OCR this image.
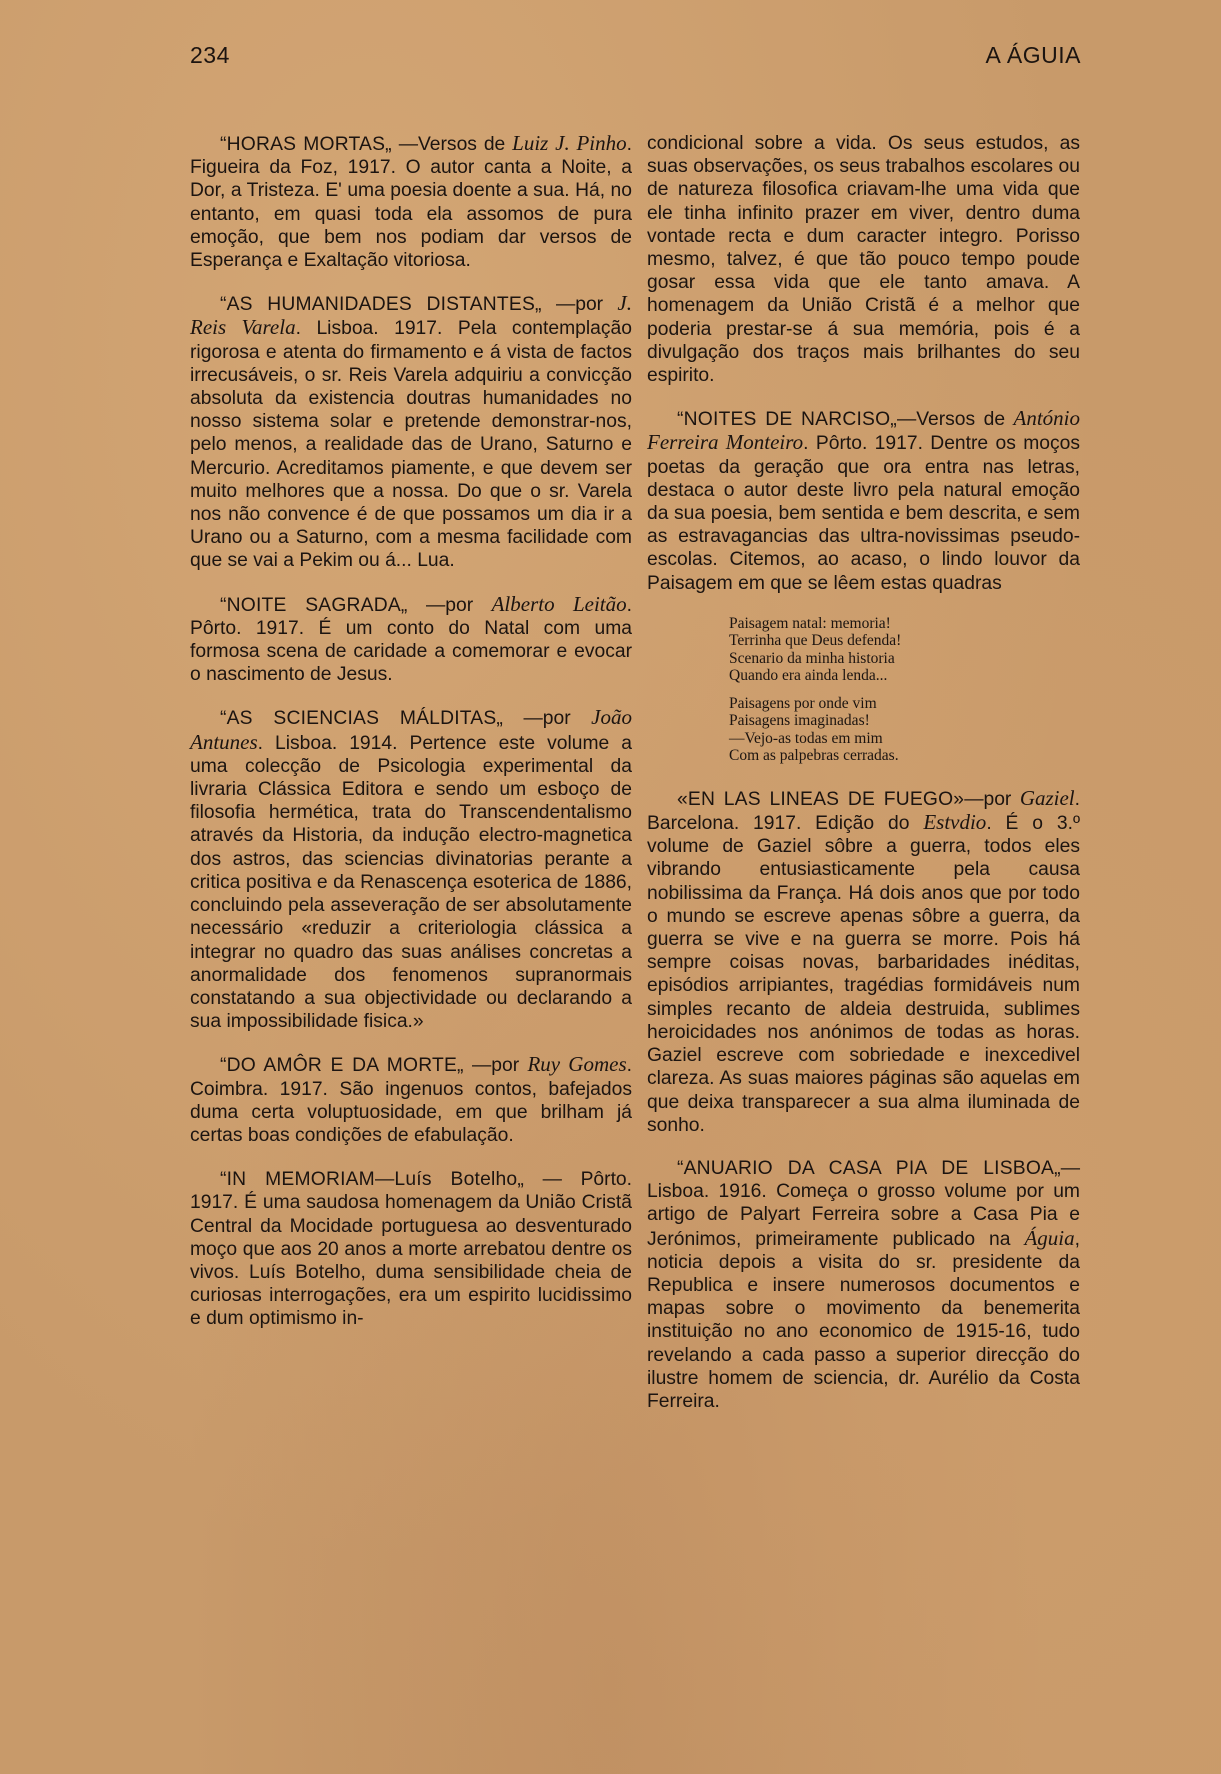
234	A ÁGUIA

“HORAS MORTAS„ —Versos de Luiz J. Pinho. Figueira da Foz, 1917. O autor canta a Noite, a Dor, a Tristeza. E' uma poesia doente a sua. Há, no entanto, em quasi toda ela assomos de pura emoção, que bem nos podiam dar versos de Esperança e Exaltação vitoriosa.

“AS HUMANIDADES DISTANTES„ —por J. Reis Varela. Lisboa. 1917. Pela contemplação rigorosa e atenta do firmamento e á vista de factos irrecusáveis, o sr. Reis Varela adquiriu a convicção absoluta da existencia doutras humanidades no nosso sistema solar e pretende demonstrar-nos, pelo menos, a realidade das de Urano, Saturno e Mercurio. Acreditamos piamente, e que devem ser muito melhores que a nossa. Do que o sr. Varela nos não convence é de que possamos um dia ir a Urano ou a Saturno, com a mesma facilidade com que se vai a Pekim ou á... Lua.

“NOITE SAGRADA„ —por Alberto Leitão. Pôrto. 1917. É um conto do Natal com uma formosa scena de caridade a comemorar e evocar o nascimento de Jesus.

“AS SCIENCIAS MÁLDITAS„ —por João Antunes. Lisboa. 1914. Pertence este volume a uma colecção de Psicologia experimental da livraria Clássica Editora e sendo um esboço de filosofia hermética, trata do Transcendentalismo através da Historia, da indução electro-magnetica dos astros, das sciencias divinatorias perante a critica positiva e da Renascença esoterica de 1886, concluindo pela asseveração de ser absolutamente necessário «reduzir a criteriologia clássica a integrar no quadro das suas análises concretas a anormalidade dos fenomenos supranormais constatando a sua objectividade ou declarando a sua impossibilidade fisica.»

“DO AMÔR E DA MORTE„ —por Ruy Gomes. Coimbra. 1917. São ingenuos contos, bafejados duma certa voluptuosidade, em que brilham já certas boas condições de efabulação.

“IN MEMORIAM—Luís Botelho„ — Pôrto. 1917. É uma saudosa homenagem da União Cristã Central da Mocidade portuguesa ao desventurado moço que aos 20 anos a morte arrebatou dentre os vivos. Luís Botelho, duma sensibilidade cheia de curiosas interrogações, era um espirito lucidissimo e dum optimismo in-

condicional sobre a vida. Os seus estudos, as suas observações, os seus trabalhos escolares ou de natureza filosofica criavam-lhe uma vida que ele tinha infinito prazer em viver, dentro duma vontade recta e dum caracter integro. Porisso mesmo, talvez, é que tão pouco tempo poude gosar essa vida que ele tanto amava. A homenagem da União Cristã é a melhor que poderia prestar-se á sua memória, pois é a divulgação dos traços mais brilhantes do seu espirito.

“NOITES DE NARCISO„—Versos de António Ferreira Monteiro. Pôrto. 1917. Dentre os moços poetas da geração que ora entra nas letras, destaca o autor deste livro pela natural emoção da sua poesia, bem sentida e bem descrita, e sem as estravagancias das ultra-novissimas pseudo-escolas. Citemos, ao acaso, o lindo louvor da Paisagem em que se lêem estas quadras

Paisagem natal: memoria!
Terrinha que Deus defenda!
Scenario da minha historia
Quando era ainda lenda...
Paisagens por onde vim
Paisagens imaginadas!
—Vejo-as todas em mim
Com as palpebras cerradas.

«EN LAS LINEAS DE FUEGO»—por Gaziel. Barcelona. 1917. Edição do Estvdio. É o 3.º volume de Gaziel sôbre a guerra, todos eles vibrando entusiasticamente pela causa nobilissima da França. Há dois anos que por todo o mundo se escreve apenas sôbre a guerra, da guerra se vive e na guerra se morre. Pois há sempre coisas novas, barbaridades inéditas, episódios arripiantes, tragédias formidáveis num simples recanto de aldeia destruida, sublimes heroicidades nos anónimos de todas as horas. Gaziel escreve com sobriedade e inexcedivel clareza. As suas maiores páginas são aquelas em que deixa transparecer a sua alma iluminada de sonho.

“ANUARIO DA CASA PIA DE LISBOA„—Lisboa. 1916. Começa o grosso volume por um artigo de Palyart Ferreira sobre a Casa Pia e Jerónimos, primeiramente publicado na Águia, noticia depois a visita do sr. presidente da Republica e insere numerosos documentos e mapas sobre o movimento da benemerita instituição no ano economico de 1915-16, tudo revelando a cada passo a superior direcção do ilustre homem de sciencia, dr. Aurélio da Costa Ferreira.
